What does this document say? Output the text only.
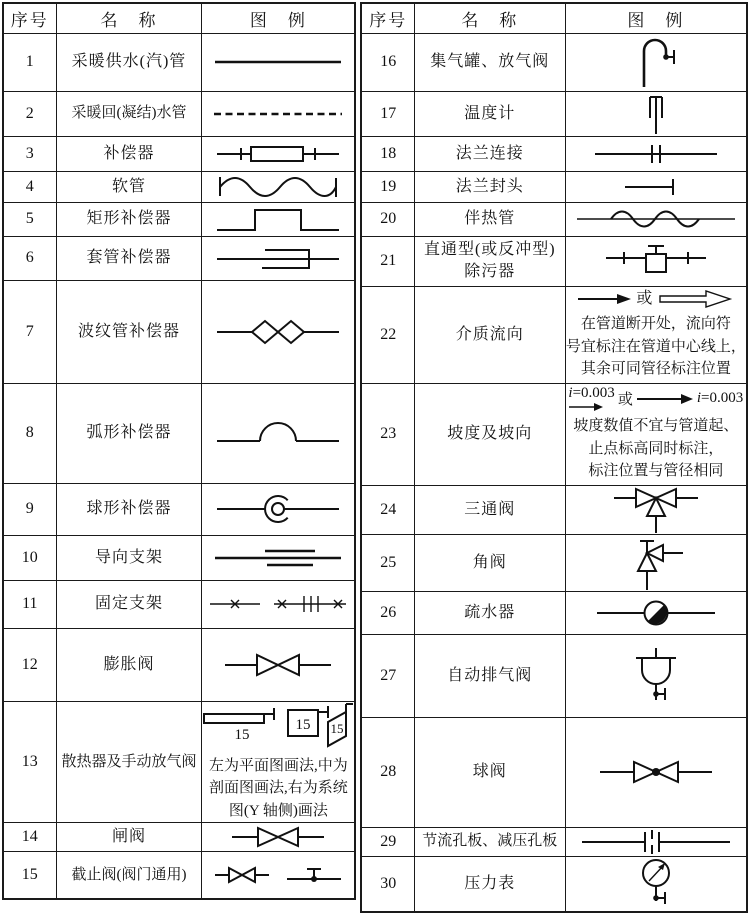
序号	名　称	图　例
1	采暖供水(汽)管	
2	采暖回(凝结)水管	
3	补偿器	
4	软管	
5	矩形补偿器	
6	套管补偿器	
7	波纹管补偿器	
8	弧形补偿器	
9	球形补偿器	
10	导向支架	
11	固定支架	
12	膨胀阀	
13	散热器及手动放气阀	
15
15 15
左为平面图画法,中为
剖面图画法,右为系统
图(Y 轴侧)画法

14	闸阀	
15	截止阀(阀门通用)	
序号	名　称	图　例
16	集气罐、放气阀	
17	温度计	
18	法兰连接	
19	法兰封头	
20	伴热管	
21	直通型(或反冲型)
除污器

22	介质流向	或
在管道断开处，流向符
号宜标注在管道中心线上，
其余可同管径标注位置

23	坡度及坡向	
i=0.003 或	i=0.003
坡度数值不宜与管道起、
止点标高同时标注，
标注位置与管径相同

24	三通阀	
25	角阀	
26	疏水器	
27	自动排气阀	
28	球阀	
29	节流孔板、减压孔板	
30	压力表	
